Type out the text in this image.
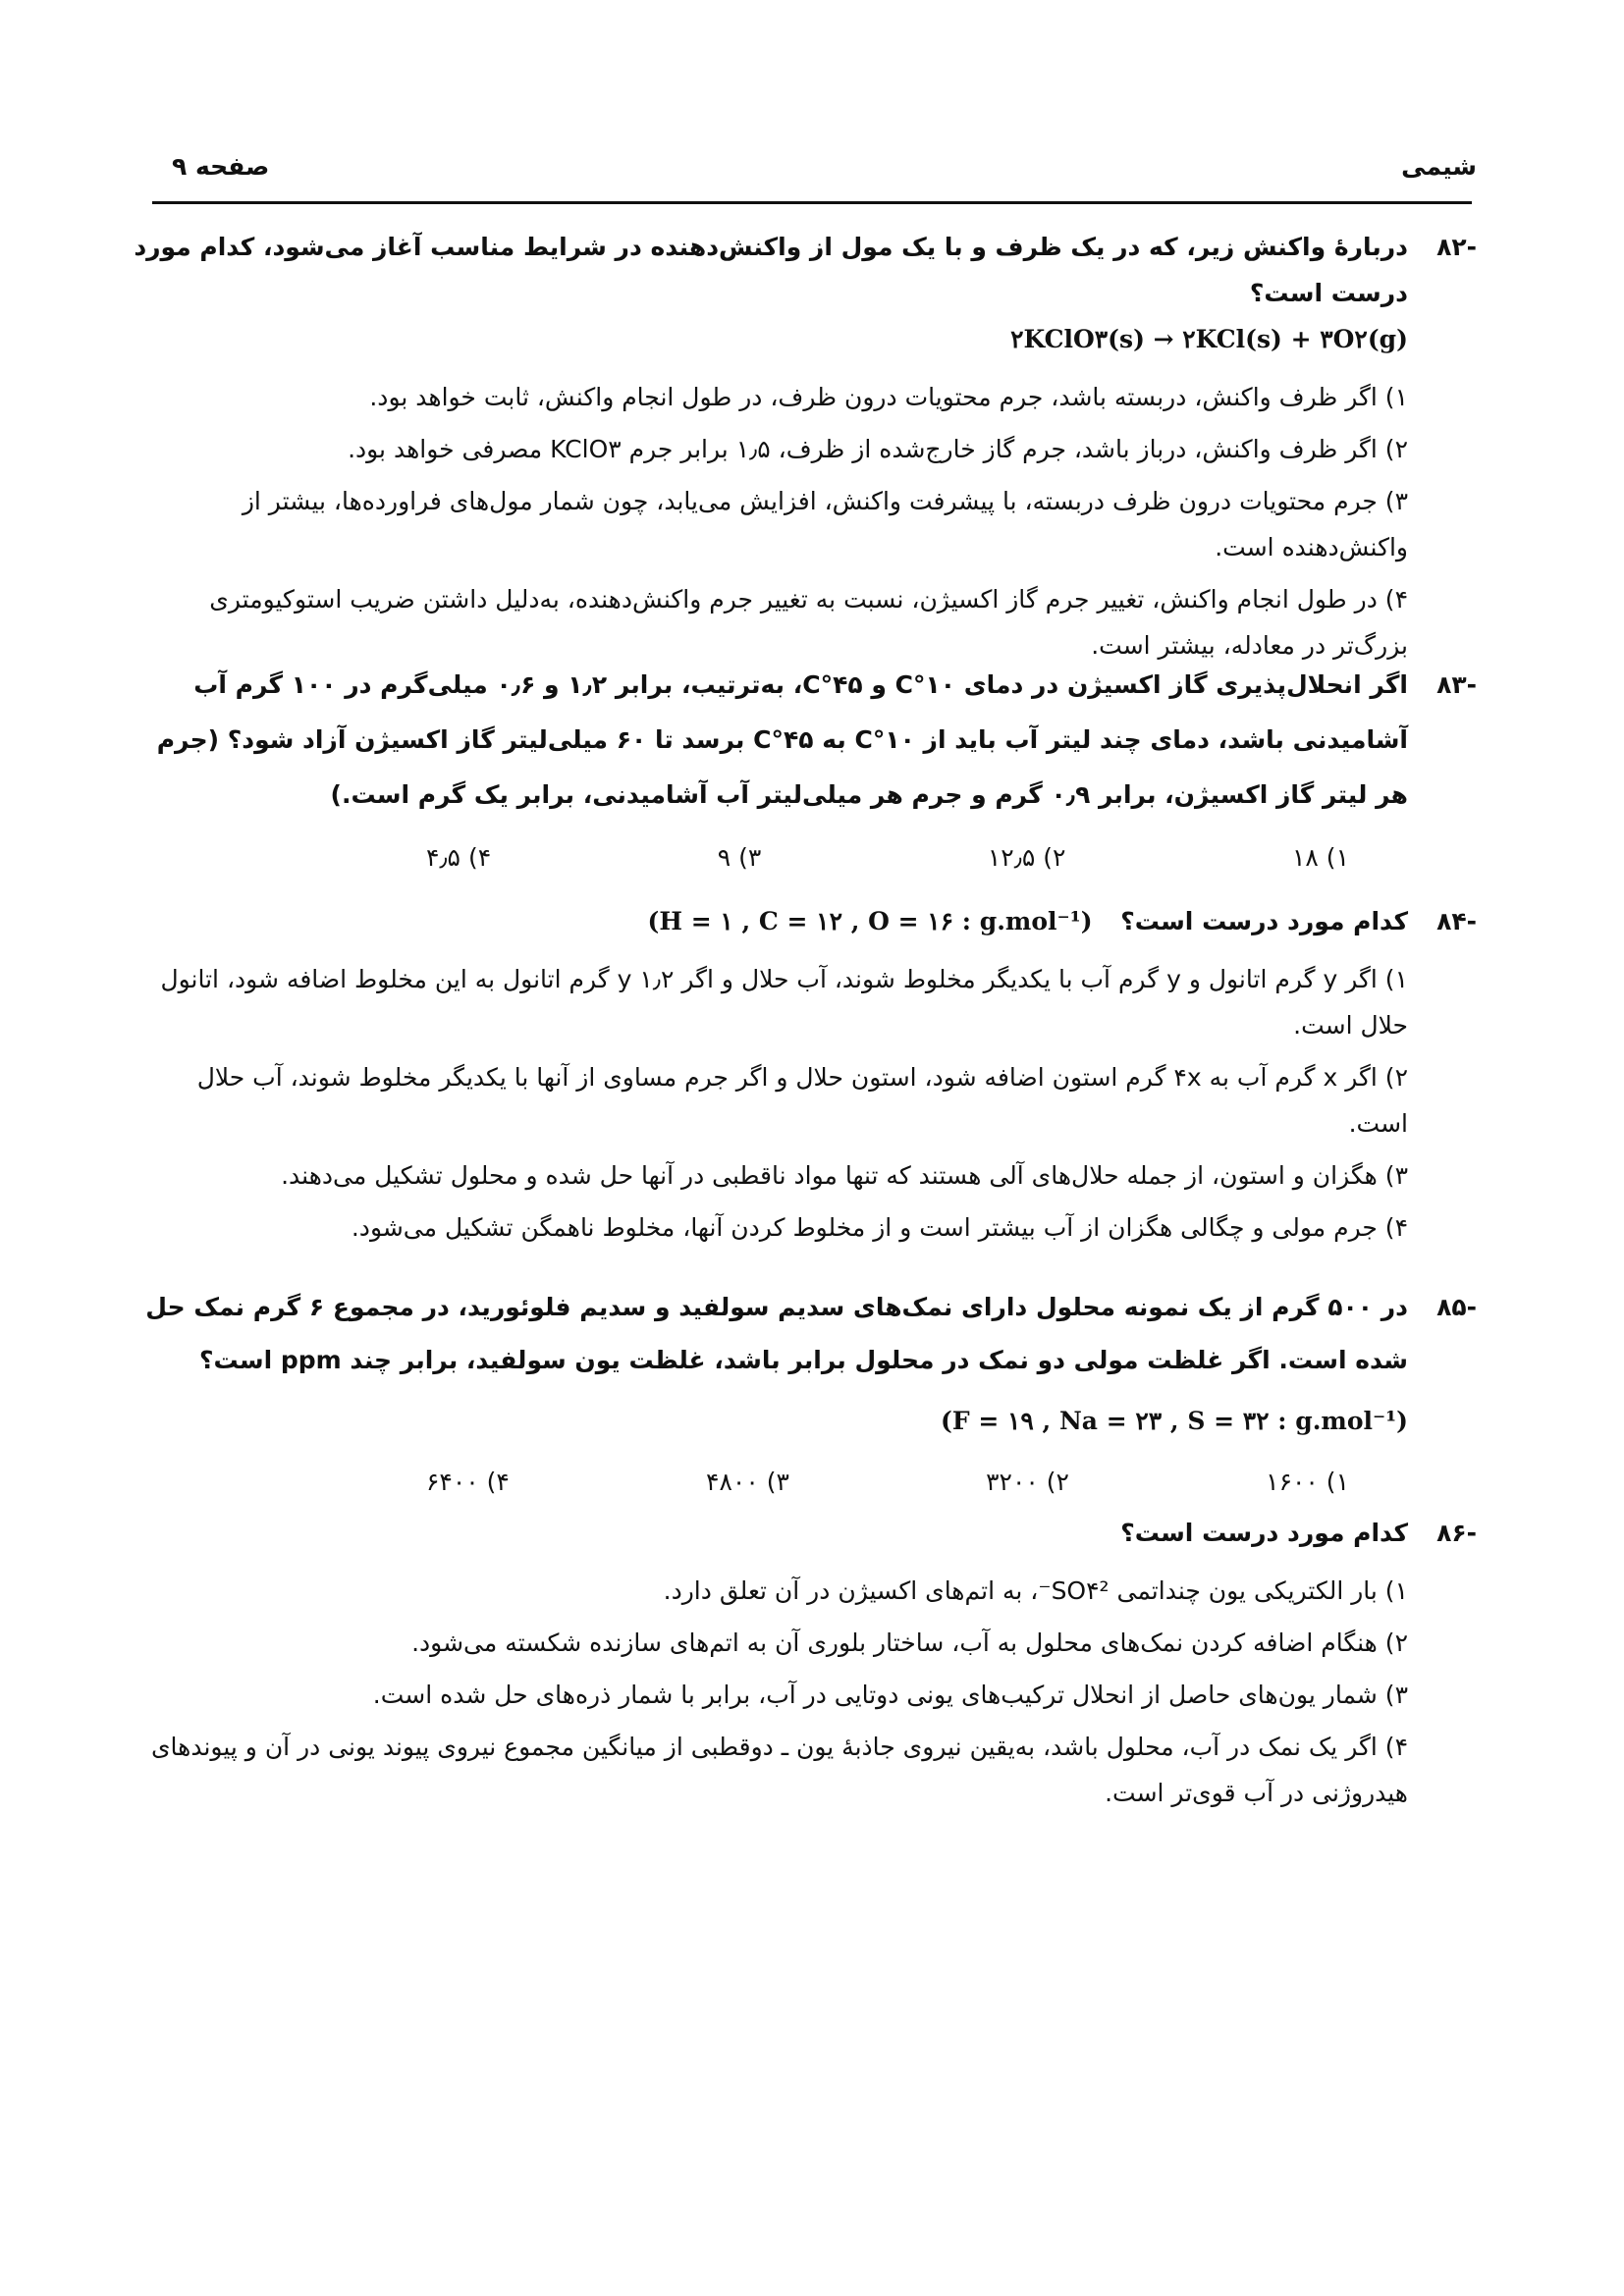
شیمی
صفحه ۹
-۸۲
دربارهٔ واکنش زیر، که در یک ظرف و با یک مول از واکنش‌دهنده در شرایط مناسب آغاز می‌شود، کدام مورد درست است؟
۲KClO۳(s) → ۲KCl(s) + ۳O۲(g)
۱) اگر ظرف واکنش، دربسته باشد، جرم محتویات درون ظرف، در طول انجام واکنش، ثابت خواهد بود.
۲) اگر ظرف واکنش، درباز باشد، جرم گاز خارج‌شده از ظرف، ۱٫۵ برابر جرم KClO۳ مصرفی خواهد بود.
۳) جرم محتویات درون ظرف دربسته، با پیشرفت واکنش، افزایش می‌یابد، چون شمار مول‌های فراورده‌ها، بیشتر از واکنش‌دهنده است.
۴) در طول انجام واکنش، تغییر جرم گاز اکسیژن، نسبت به تغییر جرم واکنش‌دهنده، به‌دلیل داشتن ضریب استوکیومتری بزرگ‌تر در معادله، بیشتر است.
-۸۳
اگر انحلال‌پذیری گاز اکسیژن در دمای ۱۰°C و ۴۵°C، به‌ترتیب، برابر ۱٫۲ و ۰٫۶ میلی‌گرم در ۱۰۰ گرم آب آشامیدنی باشد، دمای چند لیتر آب باید از ۱۰°C به ۴۵°C برسد تا ۶۰ میلی‌لیتر گاز اکسیژن آزاد شود؟ (جرم هر لیتر گاز اکسیژن، برابر ۰٫۹ گرم و جرم هر میلی‌لیتر آب آشامیدنی، برابر یک گرم است.)
۱) ۱۸
۲) ۱۲٫۵
۳) ۹
۴) ۴٫۵
-۸۴
کدام مورد درست است؟ (H = ۱ , C = ۱۲ , O = ۱۶ : g.mol⁻¹)
۱) اگر y گرم اتانول و y گرم آب با یکدیگر مخلوط شوند، آب حلال و اگر ۱٫۲ y گرم اتانول به این مخلوط اضافه شود، اتانول حلال است.
۲) اگر x گرم آب به ۴x گرم استون اضافه شود، استون حلال و اگر جرم مساوی از آنها با یکدیگر مخلوط شوند، آب حلال است.
۳) هگزان و استون، از جمله حلال‌های آلی هستند که تنها مواد ناقطبی در آنها حل شده و محلول تشکیل می‌دهند.
۴) جرم مولی و چگالی هگزان از آب بیشتر است و از مخلوط کردن آنها، مخلوط ناهمگن تشکیل می‌شود.
-۸۵
در ۵۰۰ گرم از یک نمونه محلول دارای نمک‌های سدیم سولفید و سدیم فلوئورید، در مجموع ۶ گرم نمک حل شده است. اگر غلظت مولی دو نمک در محلول برابر باشد، غلظت یون سولفید، برابر چند ppm است؟
(F = ۱۹ , Na = ۲۳ , S = ۳۲ : g.mol⁻¹)
۱) ۱۶۰۰
۲) ۳۲۰۰
۳) ۴۸۰۰
۴) ۶۴۰۰
-۸۶
کدام مورد درست است؟
۱) بار الکتریکی یون چنداتمی SO۴²⁻، به اتم‌های اکسیژن در آن تعلق دارد.
۲) هنگام اضافه کردن نمک‌های محلول به آب، ساختار بلوری آن به اتم‌های سازنده شکسته می‌شود.
۳) شمار یون‌های حاصل از انحلال ترکیب‌های یونی دوتایی در آب، برابر با شمار ذره‌های حل شده است.
۴) اگر یک نمک در آب، محلول باشد، به‌یقین نیروی جاذبهٔ یون ـ دوقطبی از میانگین مجموع نیروی پیوند یونی در آن و پیوندهای هیدروژنی در آب قوی‌تر است.
